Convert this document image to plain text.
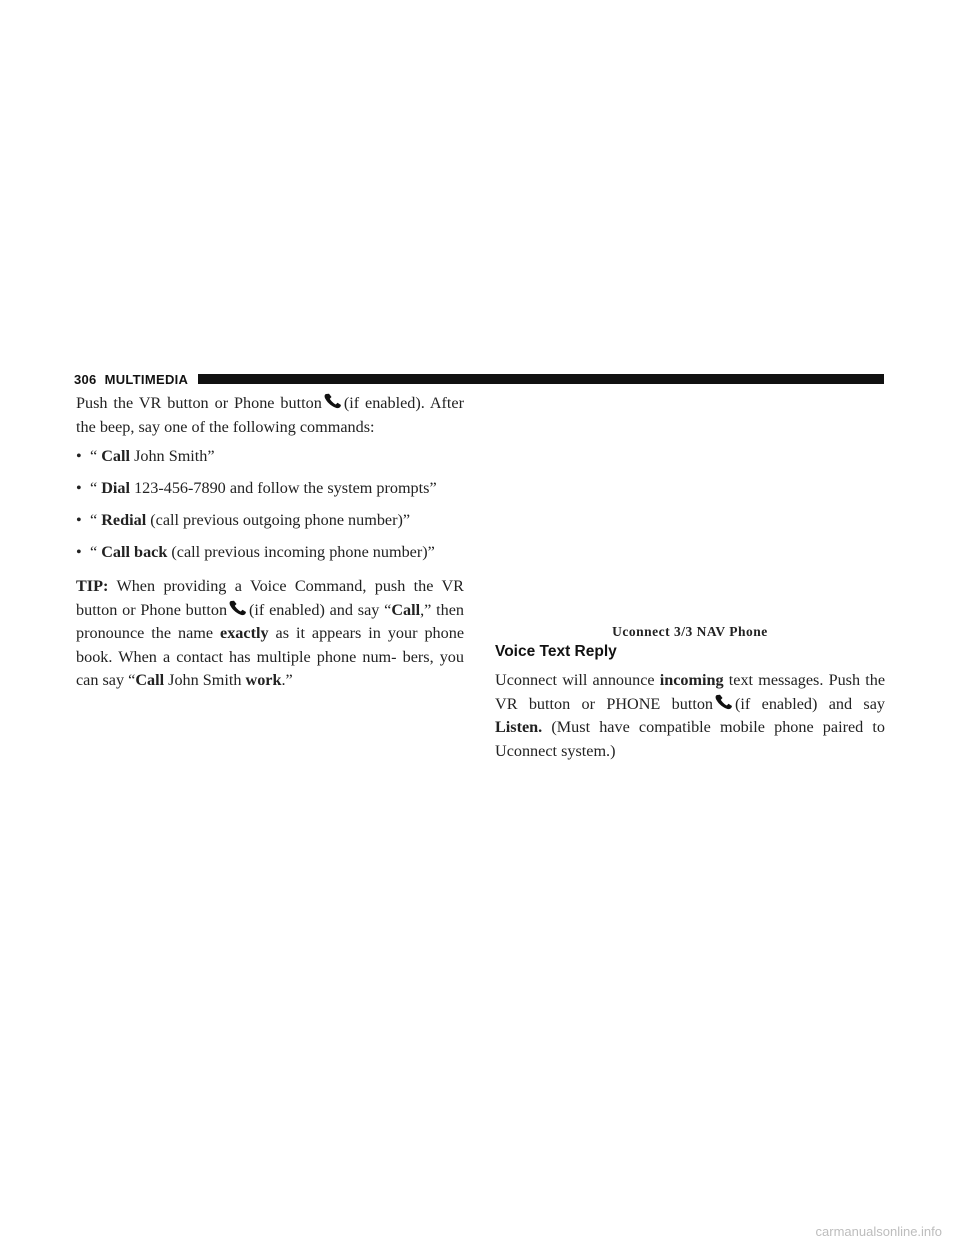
306 MULTIMEDIA

Push the VR button or Phone button (if enabled). After the beep, say one of the following commands:

• “ Call John Smith”
• “ Dial 123-456-7890 and follow the system prompts”
• “ Redial (call previous outgoing phone number)”
• “ Call back (call previous incoming phone number)”

TIP: When providing a Voice Command, push the VR button or Phone button (if enabled) and say “Call,” then pronounce the name exactly as it appears in your phone book. When a contact has multiple phone num- bers, you can say “Call John Smith work.”

Uconnect 3/3 NAV Phone
Voice Text Reply

Uconnect will announce incoming text messages. Push the VR button or PHONE button (if enabled) and say Listen. (Must have compatible mobile phone paired to Uconnect system.)

carmanualsonline.info
